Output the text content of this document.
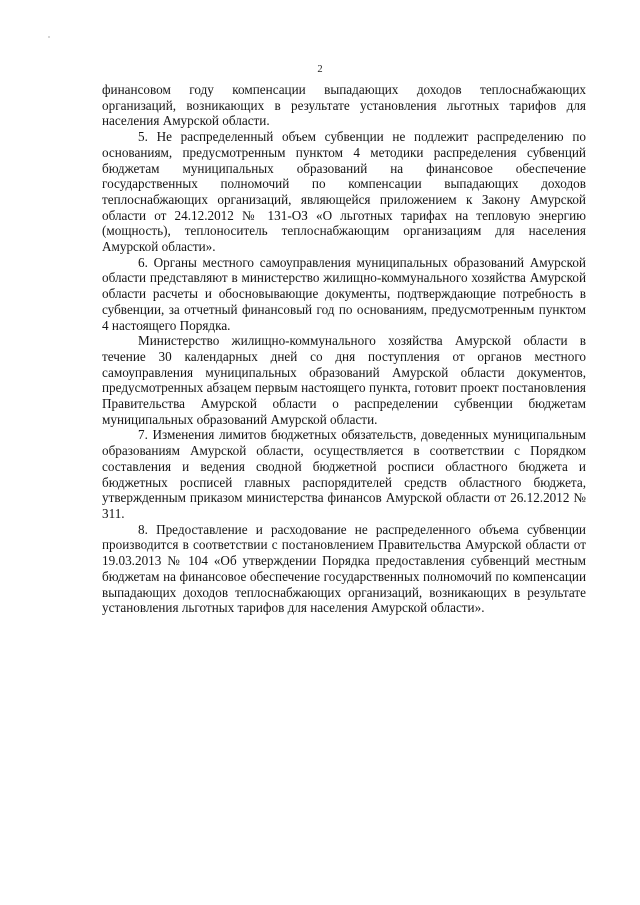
2

финансовом году компенсации выпадающих доходов теплоснабжающих организаций, возникающих в результате установления льготных тарифов для населения Амурской области.

5. Не распределенный объем субвенции не подлежит распределению по основаниям, предусмотренным пунктом 4 методики распределения субвенций бюджетам муниципальных образований на финансовое обеспечение государственных полномочий по компенсации выпадающих доходов теплоснабжающих организаций, являющейся приложением к Закону Амурской области от 24.12.2012 № 131-ОЗ «О льготных тарифах на тепловую энергию (мощность), теплоноситель теплоснабжающим организациям для населения Амурской области».

6. Органы местного самоуправления муниципальных образований Амурской области представляют в министерство жилищно-коммунального хозяйства Амурской области расчеты и обосновывающие документы, подтверждающие потребность в субвенции, за отчетный финансовый год по основаниям, предусмотренным пунктом 4 настоящего Порядка.

Министерство жилищно-коммунального хозяйства Амурской области в течение 30 календарных дней со дня поступления от органов местного самоуправления муниципальных образований Амурской области документов, предусмотренных абзацем первым настоящего пункта, готовит проект постановления Правительства Амурской области о распределении субвенции бюджетам муниципальных образований Амурской области.

7. Изменения лимитов бюджетных обязательств, доведенных муниципальным образованиям Амурской области, осуществляется в соответствии с Порядком составления и ведения сводной бюджетной росписи областного бюджета и бюджетных росписей главных распорядителей средств областного бюджета, утвержденным приказом министерства финансов Амурской области от 26.12.2012 № 311.

8. Предоставление и расходование не распределенного объема субвенции производится в соответствии с постановлением Правительства Амурской области от 19.03.2013 № 104 «Об утверждении Порядка предоставления субвенций местным бюджетам на финансовое обеспечение государственных полномочий по компенсации выпадающих доходов теплоснабжающих организаций, возникающих в результате установления льготных тарифов для населения Амурской области».
